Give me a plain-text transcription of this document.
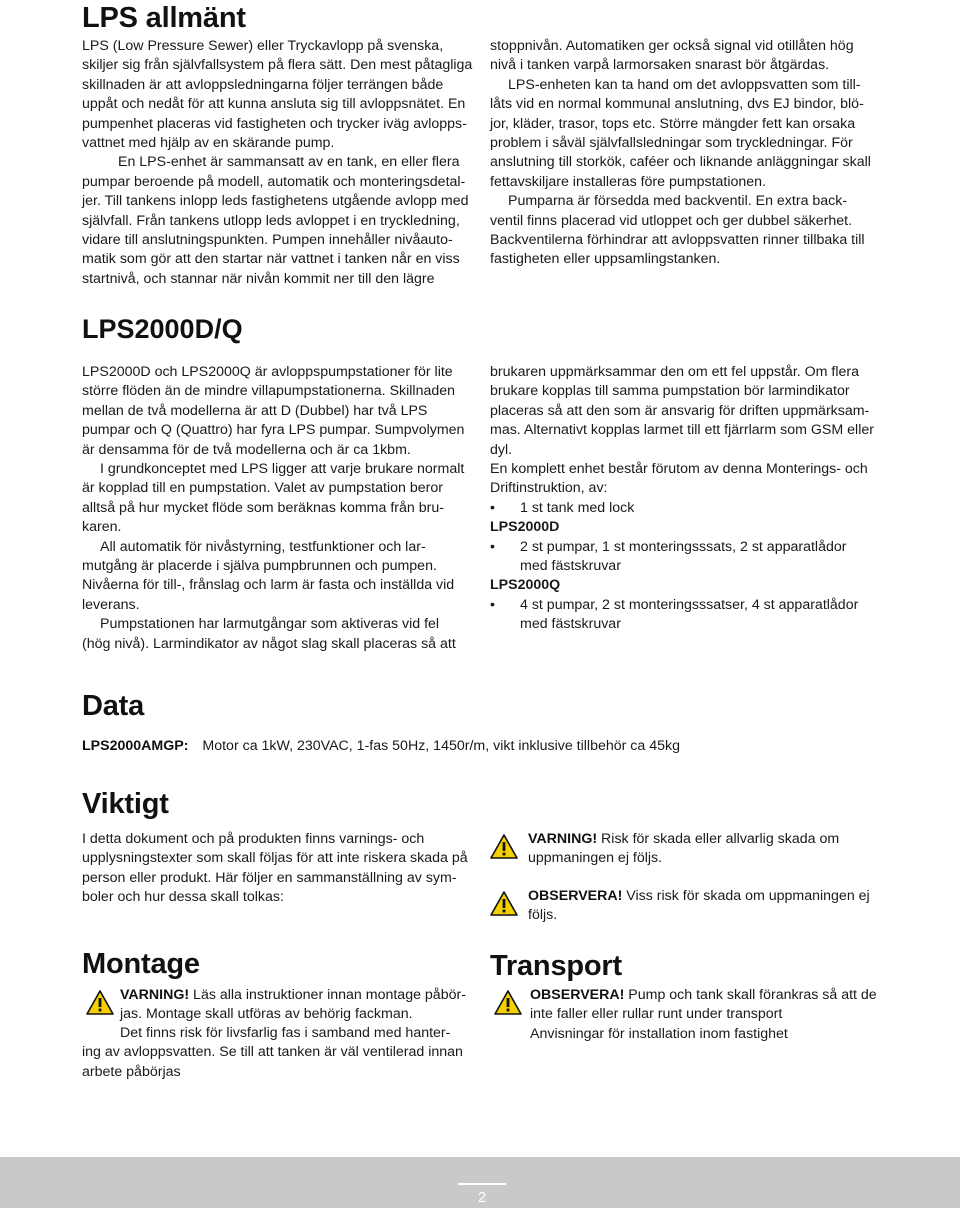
LPS allmänt
LPS (Low Pressure Sewer) eller Tryckavlopp på svenska,
skiljer sig från självfallsystem på flera sätt. Den mest påtagliga
skillnaden är att avloppsledningarna följer terrängen både
uppåt och nedåt för att kunna ansluta sig till avloppsnätet. En
pumpenhet placeras vid fastigheten och trycker iväg avlopps-
vattnet med hjälp av en skärande pump.
En LPS-enhet är sammansatt av en tank, en eller flera
pumpar beroende på modell, automatik och monteringsdetal-
jer. Till tankens inlopp leds fastighetens utgående avlopp med
självfall. Från tankens utlopp leds avloppet i en tryckledning,
vidare till anslutningspunkten. Pumpen innehåller nivåauto-
matik som gör att den startar när vattnet i tanken når en viss
startnivå, och stannar när nivån kommit ner till den lägre
stoppnivån. Automatiken ger också signal vid otillåten hög
nivå i tanken varpå larmorsaken snarast bör åtgärdas.
LPS-enheten kan ta hand om det avloppsvatten som till-
låts vid en normal kommunal anslutning, dvs EJ bindor, blö-
jor, kläder, trasor, tops etc. Större mängder fett kan orsaka
problem i såväl självfallsledningar som tryckledningar. För
anslutning till storkök, caféer och liknande anläggningar skall
fettavskiljare installeras före pumpstationen.
Pumparna är försedda med backventil. En extra back-
ventil finns placerad vid utloppet och ger dubbel säkerhet.
Backventilerna förhindrar att avloppsvatten rinner tillbaka till
fastigheten eller uppsamlingstanken.
LPS2000D/Q
LPS2000D och LPS2000Q är avloppspumpstationer för lite
större flöden än de mindre villapumpstationerna. Skillnaden
mellan de två modellerna är att D (Dubbel) har två LPS
pumpar och Q (Quattro) har fyra LPS pumpar. Sumpvolymen
är densamma för de två modellerna och är ca 1kbm.
I grundkonceptet med LPS ligger att varje brukare normalt
är kopplad till en pumpstation. Valet av pumpstation beror
alltså på hur mycket flöde som beräknas komma från bru-
karen.
All automatik för nivåstyrning, testfunktioner och lar-
mutgång är placerde i själva pumpbrunnen och pumpen.
Nivåerna för till-, frånslag och larm är fasta och inställda vid
leverans.
Pumpstationen har larmutgångar som aktiveras vid fel
(hög nivå). Larmindikator av något slag skall placeras så att
brukaren uppmärksammar den om ett fel uppstår. Om flera
brukare kopplas till samma pumpstation bör larmindikator
placeras så att den som är ansvarig för driften uppmärksam-
mas. Alternativt kopplas larmet till ett fjärrlarm som GSM eller
dyl.
En komplett enhet består förutom av denna Monterings- och
Driftinstruktion, av:
• 1 st tank med lock
LPS2000D
• 2 st pumpar, 1 st monteringsssats, 2 st apparatlådor
med fästskruvar
LPS2000Q
• 4 st pumpar, 2 st monteringsssatser, 4 st apparatlådor
med fästskruvar
Data
LPS2000AMGP: Motor ca 1kW, 230VAC, 1-fas 50Hz, 1450r/m, vikt inklusive tillbehör ca 45kg
Viktigt
I detta dokument och på produkten finns varnings- och
upplysningstexter som skall följas för att inte riskera skada på
person eller produkt. Här följer en sammanställning av sym-
boler och hur dessa skall tolkas:
VARNING! Risk för skada eller allvarlig skada om
uppmaningen ej följs.
OBSERVERA! Viss risk för skada om uppmaningen ej
följs.
Montage
VARNING! Läs alla instruktioner innan montage påbör-
jas. Montage skall utföras av behörig fackman.
Det finns risk för livsfarlig fas i samband med hanter-
ing av avloppsvatten. Se till att tanken är väl ventilerad innan
arbete påbörjas
Transport
OBSERVERA! Pump och tank skall förankras så att de
inte faller eller rullar runt under transport
Anvisningar för installation inom fastighet
2
